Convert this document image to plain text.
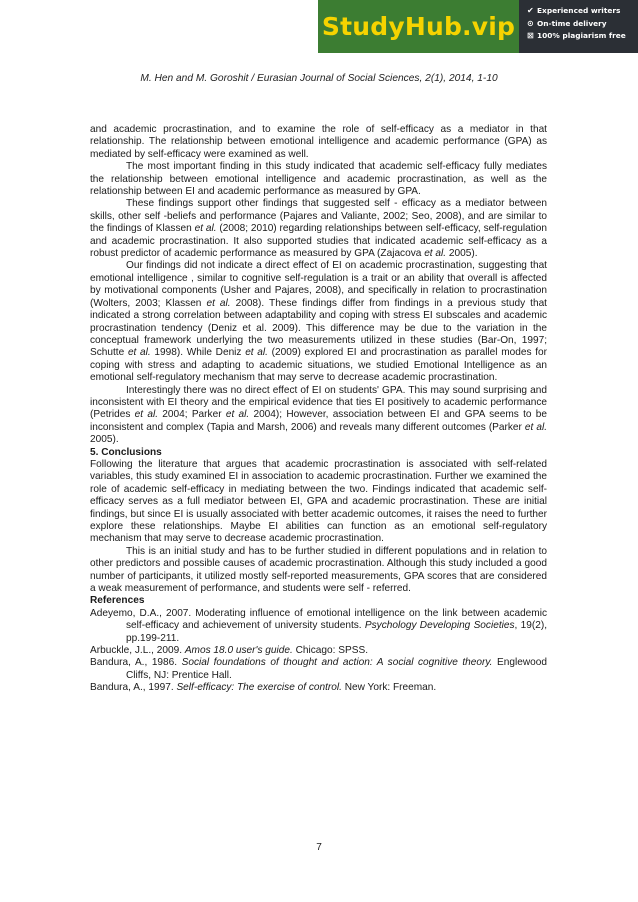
StudyHub.vip
✔ Experienced writers
⊙ On-time delivery
⊠ 100% plagiarism free
M. Hen and M. Goroshit / Eurasian Journal of Social Sciences, 2(1), 2014, 1-10

and academic procrastination, and to examine the role of self-efficacy as a mediator in that relationship. The relationship between emotional intelligence and academic performance (GPA) as mediated by self-efficacy were examined as well.

The most important finding in this study indicated that academic self-efficacy fully mediates the relationship between emotional intelligence and academic procrastination, as well as the relationship between EI and academic performance as measured by GPA.

These findings support other findings that suggested self - efficacy as a mediator between skills, other self -beliefs and performance (Pajares and Valiante, 2002; Seo, 2008), and are similar to the findings of Klassen et al. (2008; 2010) regarding relationships between self-efficacy, self-regulation and academic procrastination. It also supported studies that indicated academic self-efficacy as a robust predictor of academic performance as measured by GPA (Zajacova et al. 2005).

Our findings did not indicate a direct effect of EI on academic procrastination, suggesting that emotional intelligence , similar to cognitive self-regulation is a trait or an ability that overall is affected by motivational components (Usher and Pajares, 2008), and specifically in relation to procrastination (Wolters, 2003; Klassen et al. 2008). These findings differ from findings in a previous study that indicated a strong correlation between adaptability and coping with stress EI subscales and academic procrastination tendency (Deniz et al. 2009). This difference may be due to the variation in the conceptual framework underlying the two measurements utilized in these studies (Bar-On, 1997; Schutte et al. 1998). While Deniz et al. (2009) explored EI and procrastination as parallel modes for coping with stress and adapting to academic situations, we studied Emotional Intelligence as an emotional self-regulatory mechanism that may serve to decrease academic procrastination.

Interestingly there was no direct effect of EI on students' GPA. This may sound surprising and inconsistent with EI theory and the empirical evidence that ties EI positively to academic performance (Petrides et al. 2004; Parker et al. 2004); However, association between EI and GPA seems to be inconsistent and complex (Tapia and Marsh, 2006) and reveals many different outcomes (Parker et al. 2005).

5. Conclusions

Following the literature that argues that academic procrastination is associated with self-related variables, this study examined EI in association to academic procrastination. Further we examined the role of academic self-efficacy in mediating between the two. Findings indicated that academic self-efficacy serves as a full mediator between EI, GPA and academic procrastination. These are initial findings, but since EI is usually associated with better academic outcomes, it raises the need to further explore these relationships. Maybe EI abilities can function as an emotional self-regulatory mechanism that may serve to decrease academic procrastination.

This is an initial study and has to be further studied in different populations and in relation to other predictors and possible causes of academic procrastination. Although this study included a good number of participants, it utilized mostly self-reported measurements, GPA scores that are considered a weak measurement of performance, and students were self - referred.

References

Adeyemo, D.A., 2007. Moderating influence of emotional intelligence on the link between academic self-efficacy and achievement of university students. Psychology Developing Societies, 19(2), pp.199-211.

Arbuckle, J.L., 2009. Amos 18.0 user's guide. Chicago: SPSS.

Bandura, A., 1986. Social foundations of thought and action: A social cognitive theory. Englewood Cliffs, NJ: Prentice Hall.

Bandura, A., 1997. Self-efficacy: The exercise of control. New York: Freeman.

7
